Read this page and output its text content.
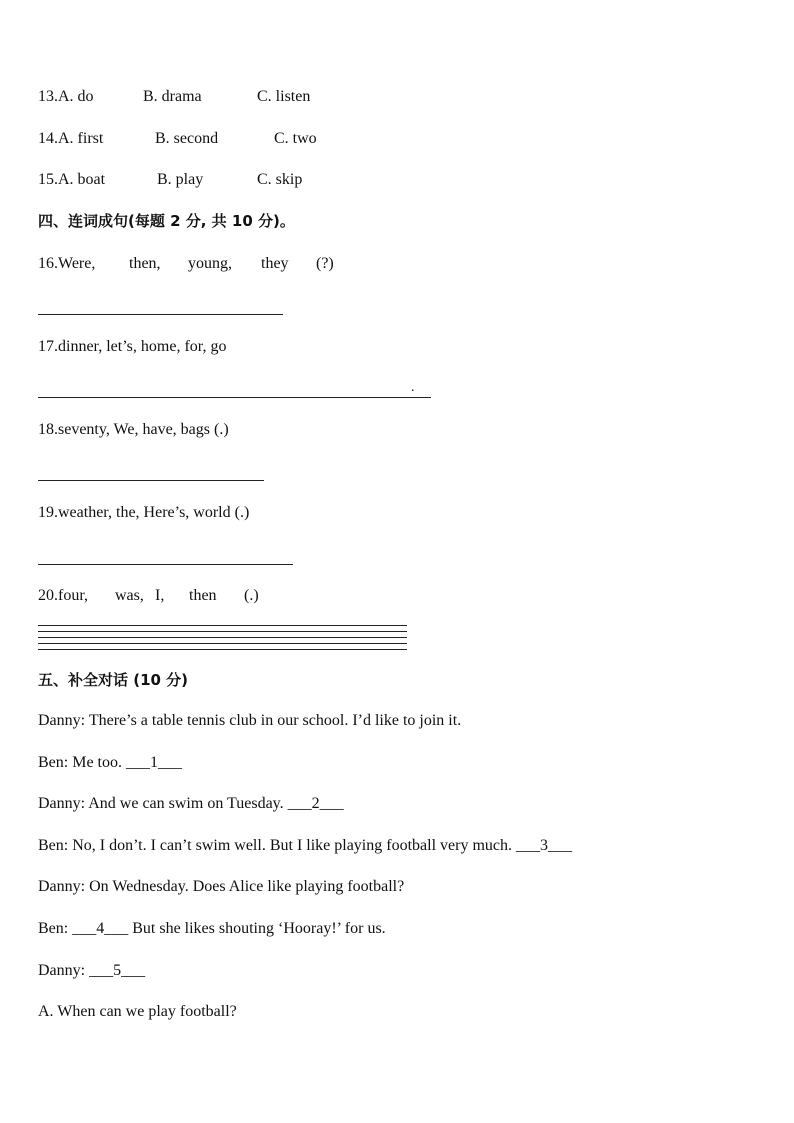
13.A. do	B. drama	C. listen
14.A. first	B. second	C. two
15.A. boat	B. play	C. skip
四、连词成句(每题 2 分, 共 10 分)。
16.Were, then, young, they (?)
17.dinner, let’s, home, for, go
.
18.seventy, We, have, bags (.)
19.weather, the, Here’s, world (.)
20.four, was, I, then (.)
五、补全对话 (10 分)
Danny: There’s a table tennis club in our school. I’d like to join it.
Ben: Me too. ___1___
Danny: And we can swim on Tuesday. ___2___
Ben: No, I don’t. I can’t swim well. But I like playing football very much. ___3___
Danny: On Wednesday. Does Alice like playing football?
Ben: ___4___ But she likes shouting ‘Hooray!’ for us.
Danny: ___5___
A. When can we play football?
